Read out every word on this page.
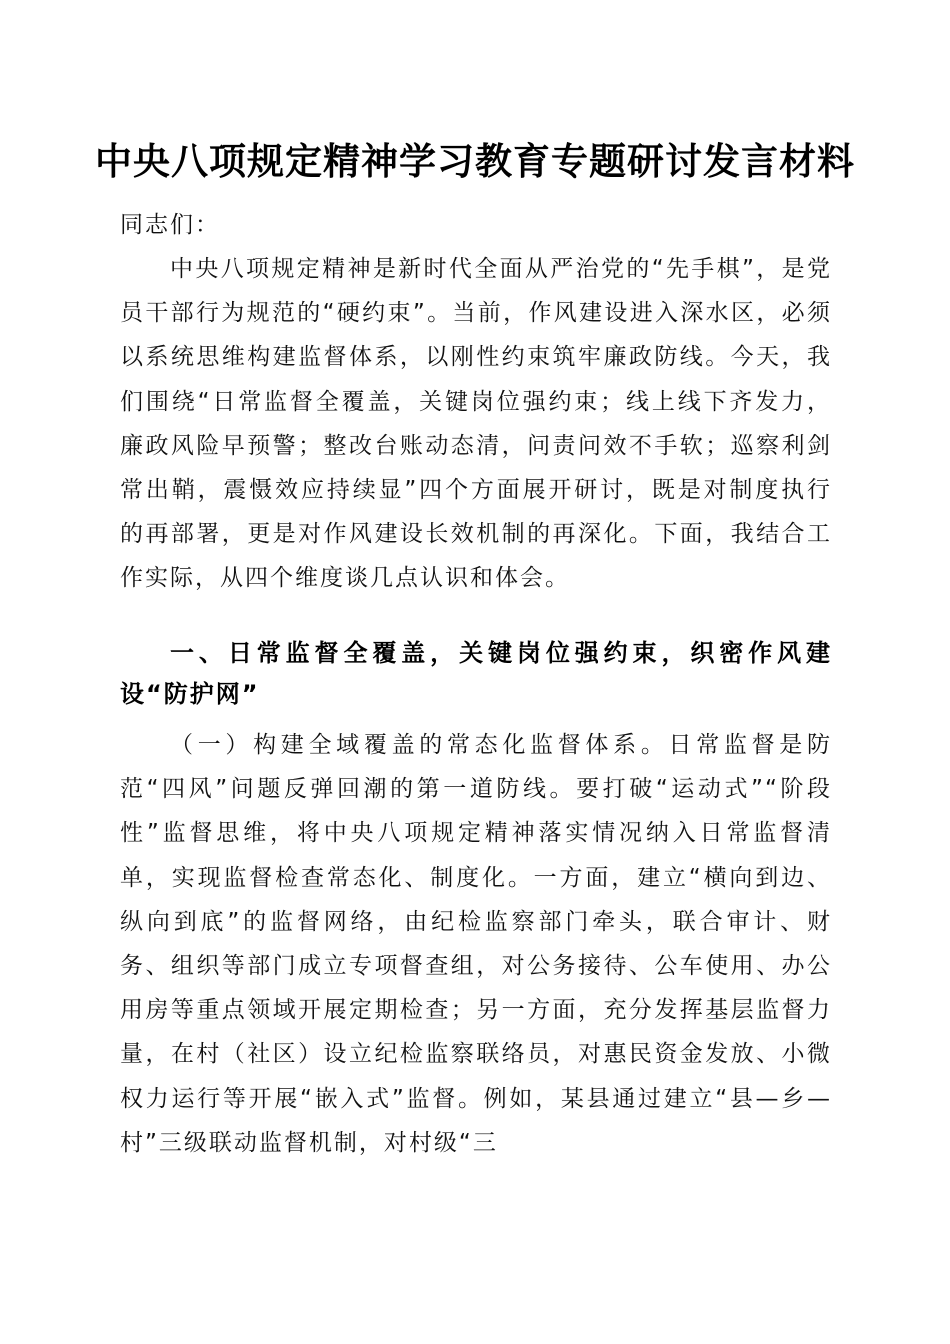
中央八项规定精神学习教育专题研讨发言材料

同志们：

中央八项规定精神是新时代全面从严治党的“先手棋”，是党员干部行为规范的“硬约束”。当前，作风建设进入深水区，必须以系统思维构建监督体系，以刚性约束筑牢廉政防线。今天，我们围绕“日常监督全覆盖，关键岗位强约束；线上线下齐发力，廉政风险早预警；整改台账动态清，问责问效不手软；巡察利剑常出鞘，震慑效应持续显”四个方面展开研讨，既是对制度执行的再部署，更是对作风建设长效机制的再深化。下面，我结合工作实际，从四个维度谈几点认识和体会。

一、日常监督全覆盖，关键岗位强约束，织密作风建设“防护网”

（一）构建全域覆盖的常态化监督体系。日常监督是防范“四风”问题反弹回潮的第一道防线。要打破“运动式”“阶段性”监督思维，将中央八项规定精神落实情况纳入日常监督清单，实现监督检查常态化、制度化。一方面，建立“横向到边、纵向到底”的监督网络，由纪检监察部门牵头，联合审计、财务、组织等部门成立专项督查组，对公务接待、公车使用、办公用房等重点领域开展定期检查；另一方面，充分发挥基层监督力量，在村（社区）设立纪检监察联络员，对惠民资金发放、小微权力运行等开展“嵌入式”监督。例如，某县通过建立“县—乡—村”三级联动监督机制，对村级“三
